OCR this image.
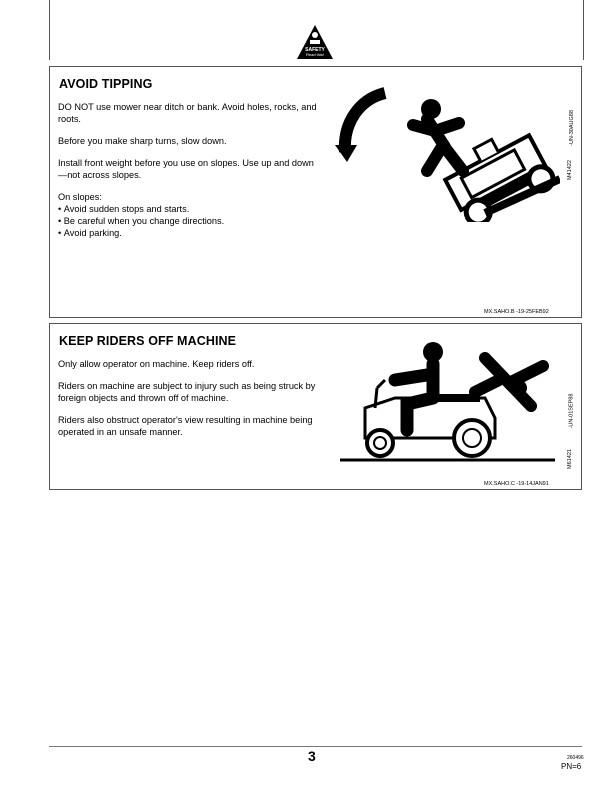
SAFETY
Read this!
AVOID TIPPING

DO NOT use mower near ditch or bank. Avoid holes, rocks, and roots.

Before you make sharp turns, slow down.

Install front weight before you use on slopes. Use up and down—not across slopes.

On slopes:
• Avoid sudden stops and starts.
• Be careful when you change directions.
• Avoid parking.
M41422
-UN-30AUG88
MX.SAHO.B -19-25FEB92
KEEP RIDERS OFF MACHINE

Only allow operator on machine. Keep riders off.

Riders on machine are subject to injury such as being struck by foreign objects and thrown off of machine.

Riders also obstruct operator's view resulting in machine being operated in an unsafe manner.

M61421
-UN-01SEP88
MX.SAHO.C -19-14JAN91
3	260496
PN=6
